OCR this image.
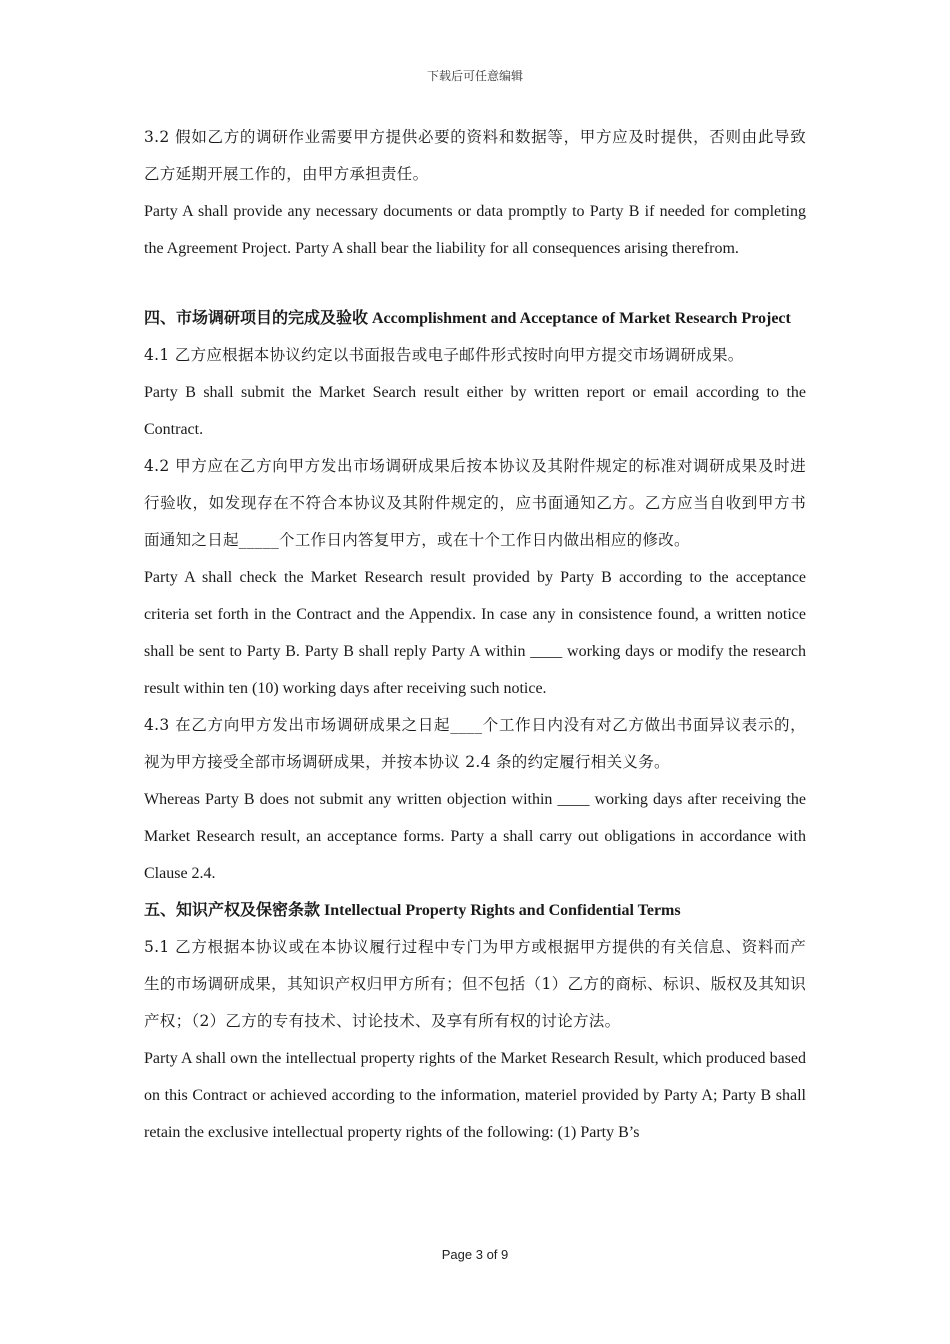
下载后可任意编辑

3.2 假如乙方的调研作业需要甲方提供必要的资料和数据等，甲方应及时提供，否则由此导致乙方延期开展工作的，由甲方承担责任。

Party A shall provide any necessary documents or data promptly to Party B if needed for completing the Agreement Project. Party A shall bear the liability for all consequences arising therefrom.

四、市场调研项目的完成及验收 Accomplishment and Acceptance of Market Research Project

4.1 乙方应根据本协议约定以书面报告或电子邮件形式按时向甲方提交市场调研成果。

Party B shall submit the Market Search result either by written report or email according to the Contract.

4.2 甲方应在乙方向甲方发出市场调研成果后按本协议及其附件规定的标准对调研成果及时进行验收，如发现存在不符合本协议及其附件规定的，应书面通知乙方。乙方应当自收到甲方书面通知之日起_____个工作日内答复甲方，或在十个工作日内做出相应的修改。

Party A shall check the Market Research result provided by Party B according to the acceptance criteria set forth in the Contract and the Appendix. In case any in consistence found, a written notice shall be sent to Party B. Party B shall reply Party A within ____ working days or modify the research result within ten (10) working days after receiving such notice.

4.3 在乙方向甲方发出市场调研成果之日起____个工作日内没有对乙方做出书面异议表示的，视为甲方接受全部市场调研成果，并按本协议 2.4 条的约定履行相关义务。

Whereas Party B does not submit any written objection within ____ working days after receiving the Market Research result, an acceptance forms. Party a shall carry out obligations in accordance with Clause 2.4.

五、知识产权及保密条款 Intellectual Property Rights and Confidential Terms

5.1 乙方根据本协议或在本协议履行过程中专门为甲方或根据甲方提供的有关信息、资料而产生的市场调研成果，其知识产权归甲方所有；但不包括（1）乙方的商标、标识、版权及其知识产权；（2）乙方的专有技术、讨论技术、及享有所有权的讨论方法。

Party A shall own the intellectual property rights of the Market Research Result, which produced based on this Contract or achieved according to the information, materiel provided by Party A; Party B shall retain the exclusive intellectual property rights of the following: (1) Party B’s

Page 3 of 9
